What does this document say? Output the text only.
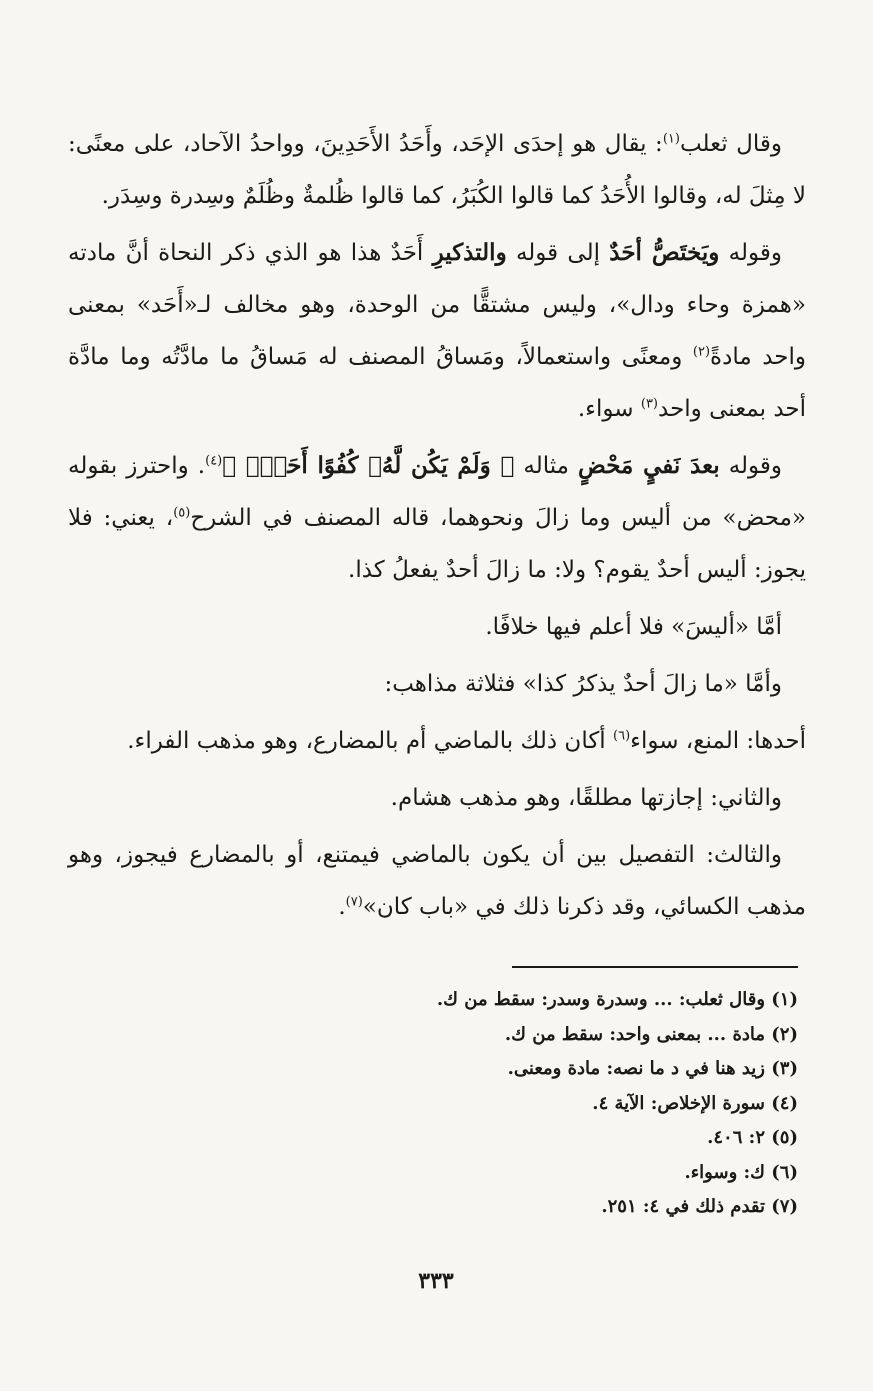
وقال ثعلب$^{(١)}$: يقال هو إحدَى الإحَد، وأَحَدُ الأَحَدِينَ، وواحدُ الآحاد، على معنًى: لا مِثلَ له، وقالوا الأُحَدُ كما قالوا الكُبَرُ، كما قالوا ظُلمةٌ وظُلَمٌ وسِدرة وسِدَر.

وقوله ويَختَصُّ أحَدٌ إلى قوله والتذكيرِ أَحَدٌ هذا هو الذي ذكر النحاة أنَّ مادته «همزة وحاء ودال»، وليس مشتقًّا من الوحدة، وهو مخالف لـ«أَحَد» بمعنى واحد مادةً$^{(٢)}$ ومعنًى واستعمالاً، ومَساقُ المصنف له مَساقُ ما مادَّتُه وما مادَّة أحد بمعنى واحد$^{(٣)}$ سواء.

وقوله بعدَ نَفيٍ مَحْضٍ مثاله ﴿ وَلَمْ يَكُن لَّهُۥ كُفُوًا أَحَدٌۢ ﴾$^{(٤)}$. واحترز بقوله «محض» من أليس وما زالَ ونحوهما، قاله المصنف في الشرح$^{(٥)}$، يعني: فلا يجوز: أليس أحدٌ يقوم؟ ولا: ما زالَ أحدٌ يفعلُ كذا.

أمَّا «أليسَ» فلا أعلم فيها خلافًا.

وأمَّا «ما زالَ أحدٌ يذكرُ كذا» فثلاثة مذاهب:

أحدها: المنع، سواء$^{(٦)}$ أكان ذلك بالماضي أم بالمضارع، وهو مذهب الفراء.

والثاني: إجازتها مطلقًا، وهو مذهب هشام.

والثالث: التفصيل بين أن يكون بالماضي فيمتنع، أو بالمضارع فيجوز، وهو مذهب الكسائي، وقد ذكرنا ذلك في «باب كان»$^{(٧)}$.

(١) وقال ثعلب: ... وسدرة وسدر: سقط من ك.
(٢) مادة ... بمعنى واحد: سقط من ك.
(٣) زيد هنا في د ما نصه: مادة ومعنى.
(٤) سورة الإخلاص: الآية ٤.
(٥) ٢: ٤٠٦.
(٦) ك: وسواء.
(٧) تقدم ذلك في ٤: ٢٥١.
٣٣٣
